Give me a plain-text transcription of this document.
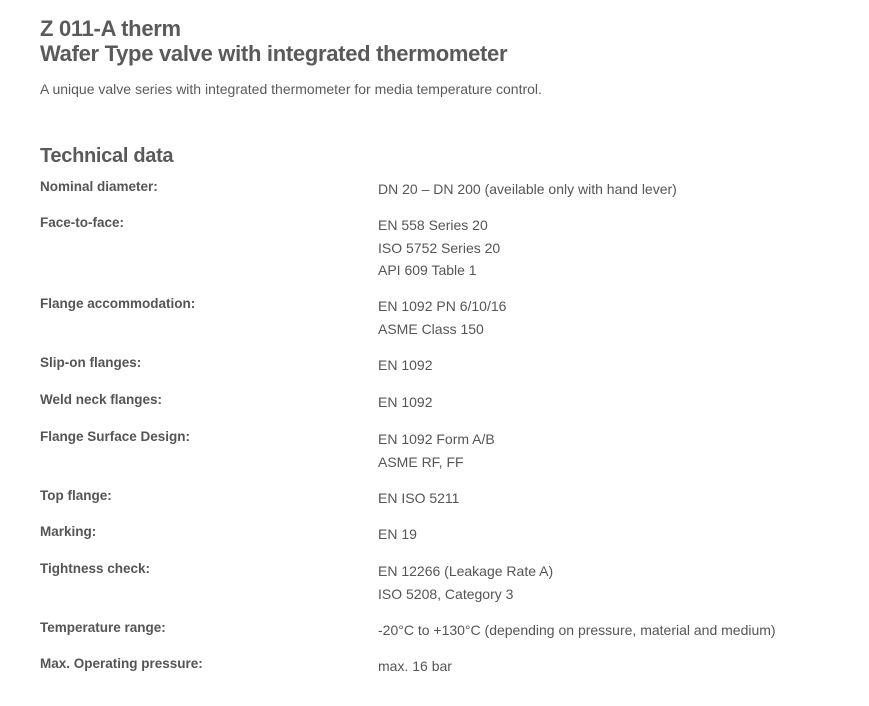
Z 011-A therm
Wafer Type valve with integrated thermometer
A unique valve series with integrated thermometer for media temperature control.
Technical data
Nominal diameter:	DN 20 – DN 200 (aveilable only with hand lever)
Face-to-face:	EN 558 Series 20
ISO 5752 Series 20
API 609 Table 1
Flange accommodation:	EN 1092 PN 6/10/16
ASME Class 150
Slip-on flanges:	EN 1092
Weld neck flanges:	EN 1092
Flange Surface Design:	EN 1092 Form A/B
ASME RF, FF
Top flange:	EN ISO 5211
Marking:	EN 19
Tightness check:	EN 12266 (Leakage Rate A)
ISO 5208, Category 3
Temperature range:	-20°C to +130°C (depending on pressure, material and medium)
Max. Operating pressure:	max. 16 bar
